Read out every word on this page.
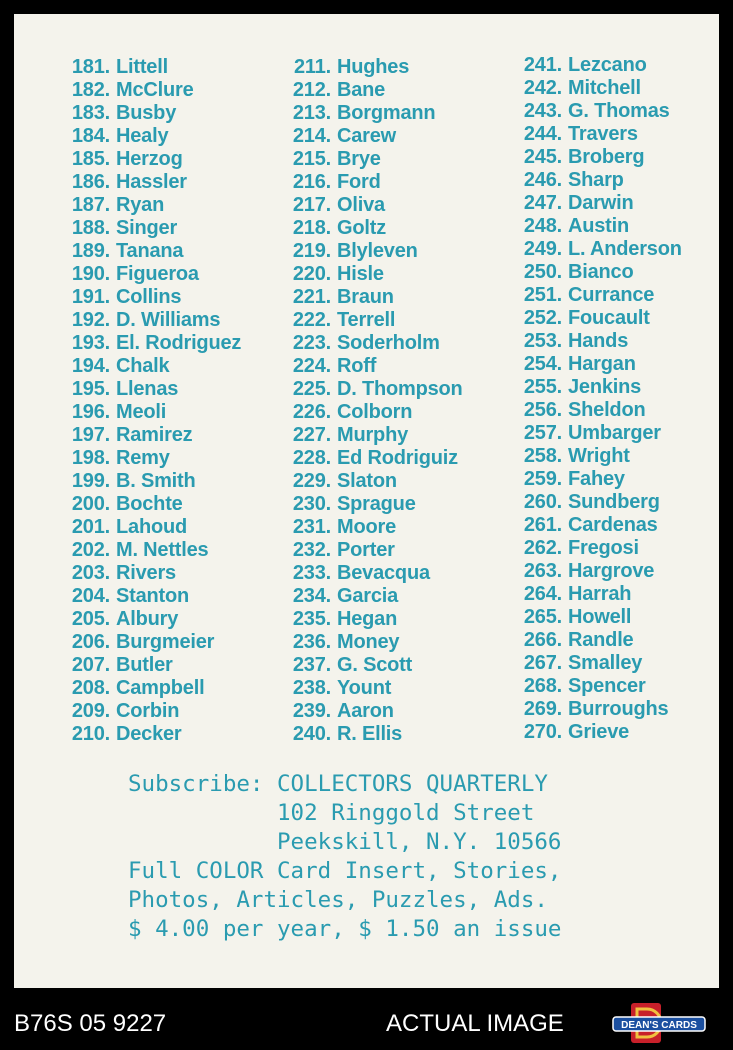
181. Littell
182. McClure
183. Busby
184. Healy
185. Herzog
186. Hassler
187. Ryan
188. Singer
189. Tanana
190. Figueroa
191. Collins
192. D. Williams
193. El. Rodriguez
194. Chalk
195. Llenas
196. Meoli
197. Ramirez
198. Remy
199. B. Smith
200. Bochte
201. Lahoud
202. M. Nettles
203. Rivers
204. Stanton
205. Albury
206. Burgmeier
207. Butler
208. Campbell
209. Corbin
210. Decker
211. Hughes
212. Bane
213. Borgmann
214. Carew
215. Brye
216. Ford
217. Oliva
218. Goltz
219. Blyleven
220. Hisle
221. Braun
222. Terrell
223. Soderholm
224. Roff
225. D. Thompson
226. Colborn
227. Murphy
228. Ed Rodriguiz
229. Slaton
230. Sprague
231. Moore
232. Porter
233. Bevacqua
234. Garcia
235. Hegan
236. Money
237. G. Scott
238. Yount
239. Aaron
240. R. Ellis
241. Lezcano
242. Mitchell
243. G. Thomas
244. Travers
245. Broberg
246. Sharp
247. Darwin
248. Austin
249. L. Anderson
250. Bianco
251. Currance
252. Foucault
253. Hands
254. Hargan
255. Jenkins
256. Sheldon
257. Umbarger
258. Wright
259. Fahey
260. Sundberg
261. Cardenas
262. Fregosi
263. Hargrove
264. Harrah
265. Howell
266. Randle
267. Smalley
268. Spencer
269. Burroughs
270. Grieve
Subscribe: COLLECTORS QUARTERLY
102 Ringgold Street
Peekskill, N.Y. 10566
Full COLOR Card Insert, Stories,
Photos, Articles, Puzzles, Ads.
$ 4.00 per year, $ 1.50 an issue
B76S 05 9227	ACTUAL IMAGE	DEAN'S CARDS
